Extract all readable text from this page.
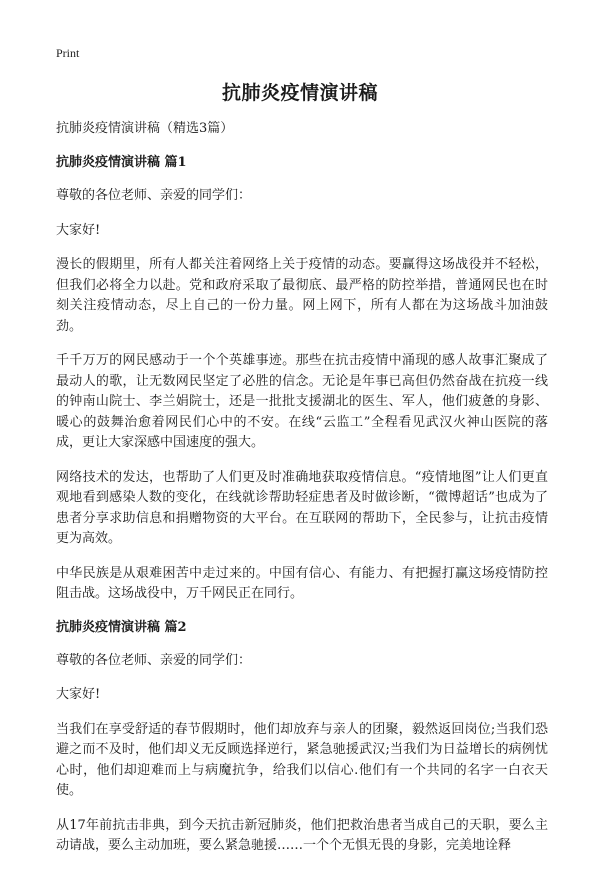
Print
抗肺炎疫情演讲稿

抗肺炎疫情演讲稿（精选3篇）

抗肺炎疫情演讲稿 篇1

尊敬的各位老师、亲爱的同学们：

大家好!

漫长的假期里，所有人都关注着网络上关于疫情的动态。要赢得这场战役并不轻松，但我们必将全力以赴。党和政府采取了最彻底、最严格的防控举措，普通网民也在时刻关注疫情动态，尽上自己的一份力量。网上网下，所有人都在为这场战斗加油鼓劲。

千千万万的网民感动于一个个英雄事迹。那些在抗击疫情中涌现的感人故事汇聚成了最动人的歌，让无数网民坚定了必胜的信念。无论是年事已高但仍然奋战在抗疫一线的钟南山院士、李兰娟院士，还是一批批支援湖北的医生、军人，他们疲惫的身影、暖心的鼓舞治愈着网民们心中的不安。在线“云监工”全程看见武汉火神山医院的落成，更让大家深感中国速度的强大。

网络技术的发达，也帮助了人们更及时准确地获取疫情信息。“疫情地图”让人们更直观地看到感染人数的变化，在线就诊帮助轻症患者及时做诊断，“微博超话”也成为了患者分享求助信息和捐赠物资的大平台。在互联网的帮助下，全民参与，让抗击疫情更为高效。

中华民族是从艰难困苦中走过来的。中国有信心、有能力、有把握打赢这场疫情防控阻击战。这场战役中，万千网民正在同行。

抗肺炎疫情演讲稿 篇2

尊敬的各位老师、亲爱的同学们：

大家好!

当我们在享受舒适的春节假期时，他们却放弃与亲人的团聚，毅然返回岗位;当我们恐避之而不及时，他们却义无反顾选择逆行，紧急驰援武汉;当我们为日益增长的病例忧心时，他们却迎难而上与病魔抗争，给我们以信心.他们有一个共同的名字一白衣天使。

从17年前抗击非典，到今天抗击新冠肺炎，他们把救治患者当成自己的天职，要么主动请战，要么主动加班，要么紧急驰援……一个个无惧无畏的身影，完美地诠释
